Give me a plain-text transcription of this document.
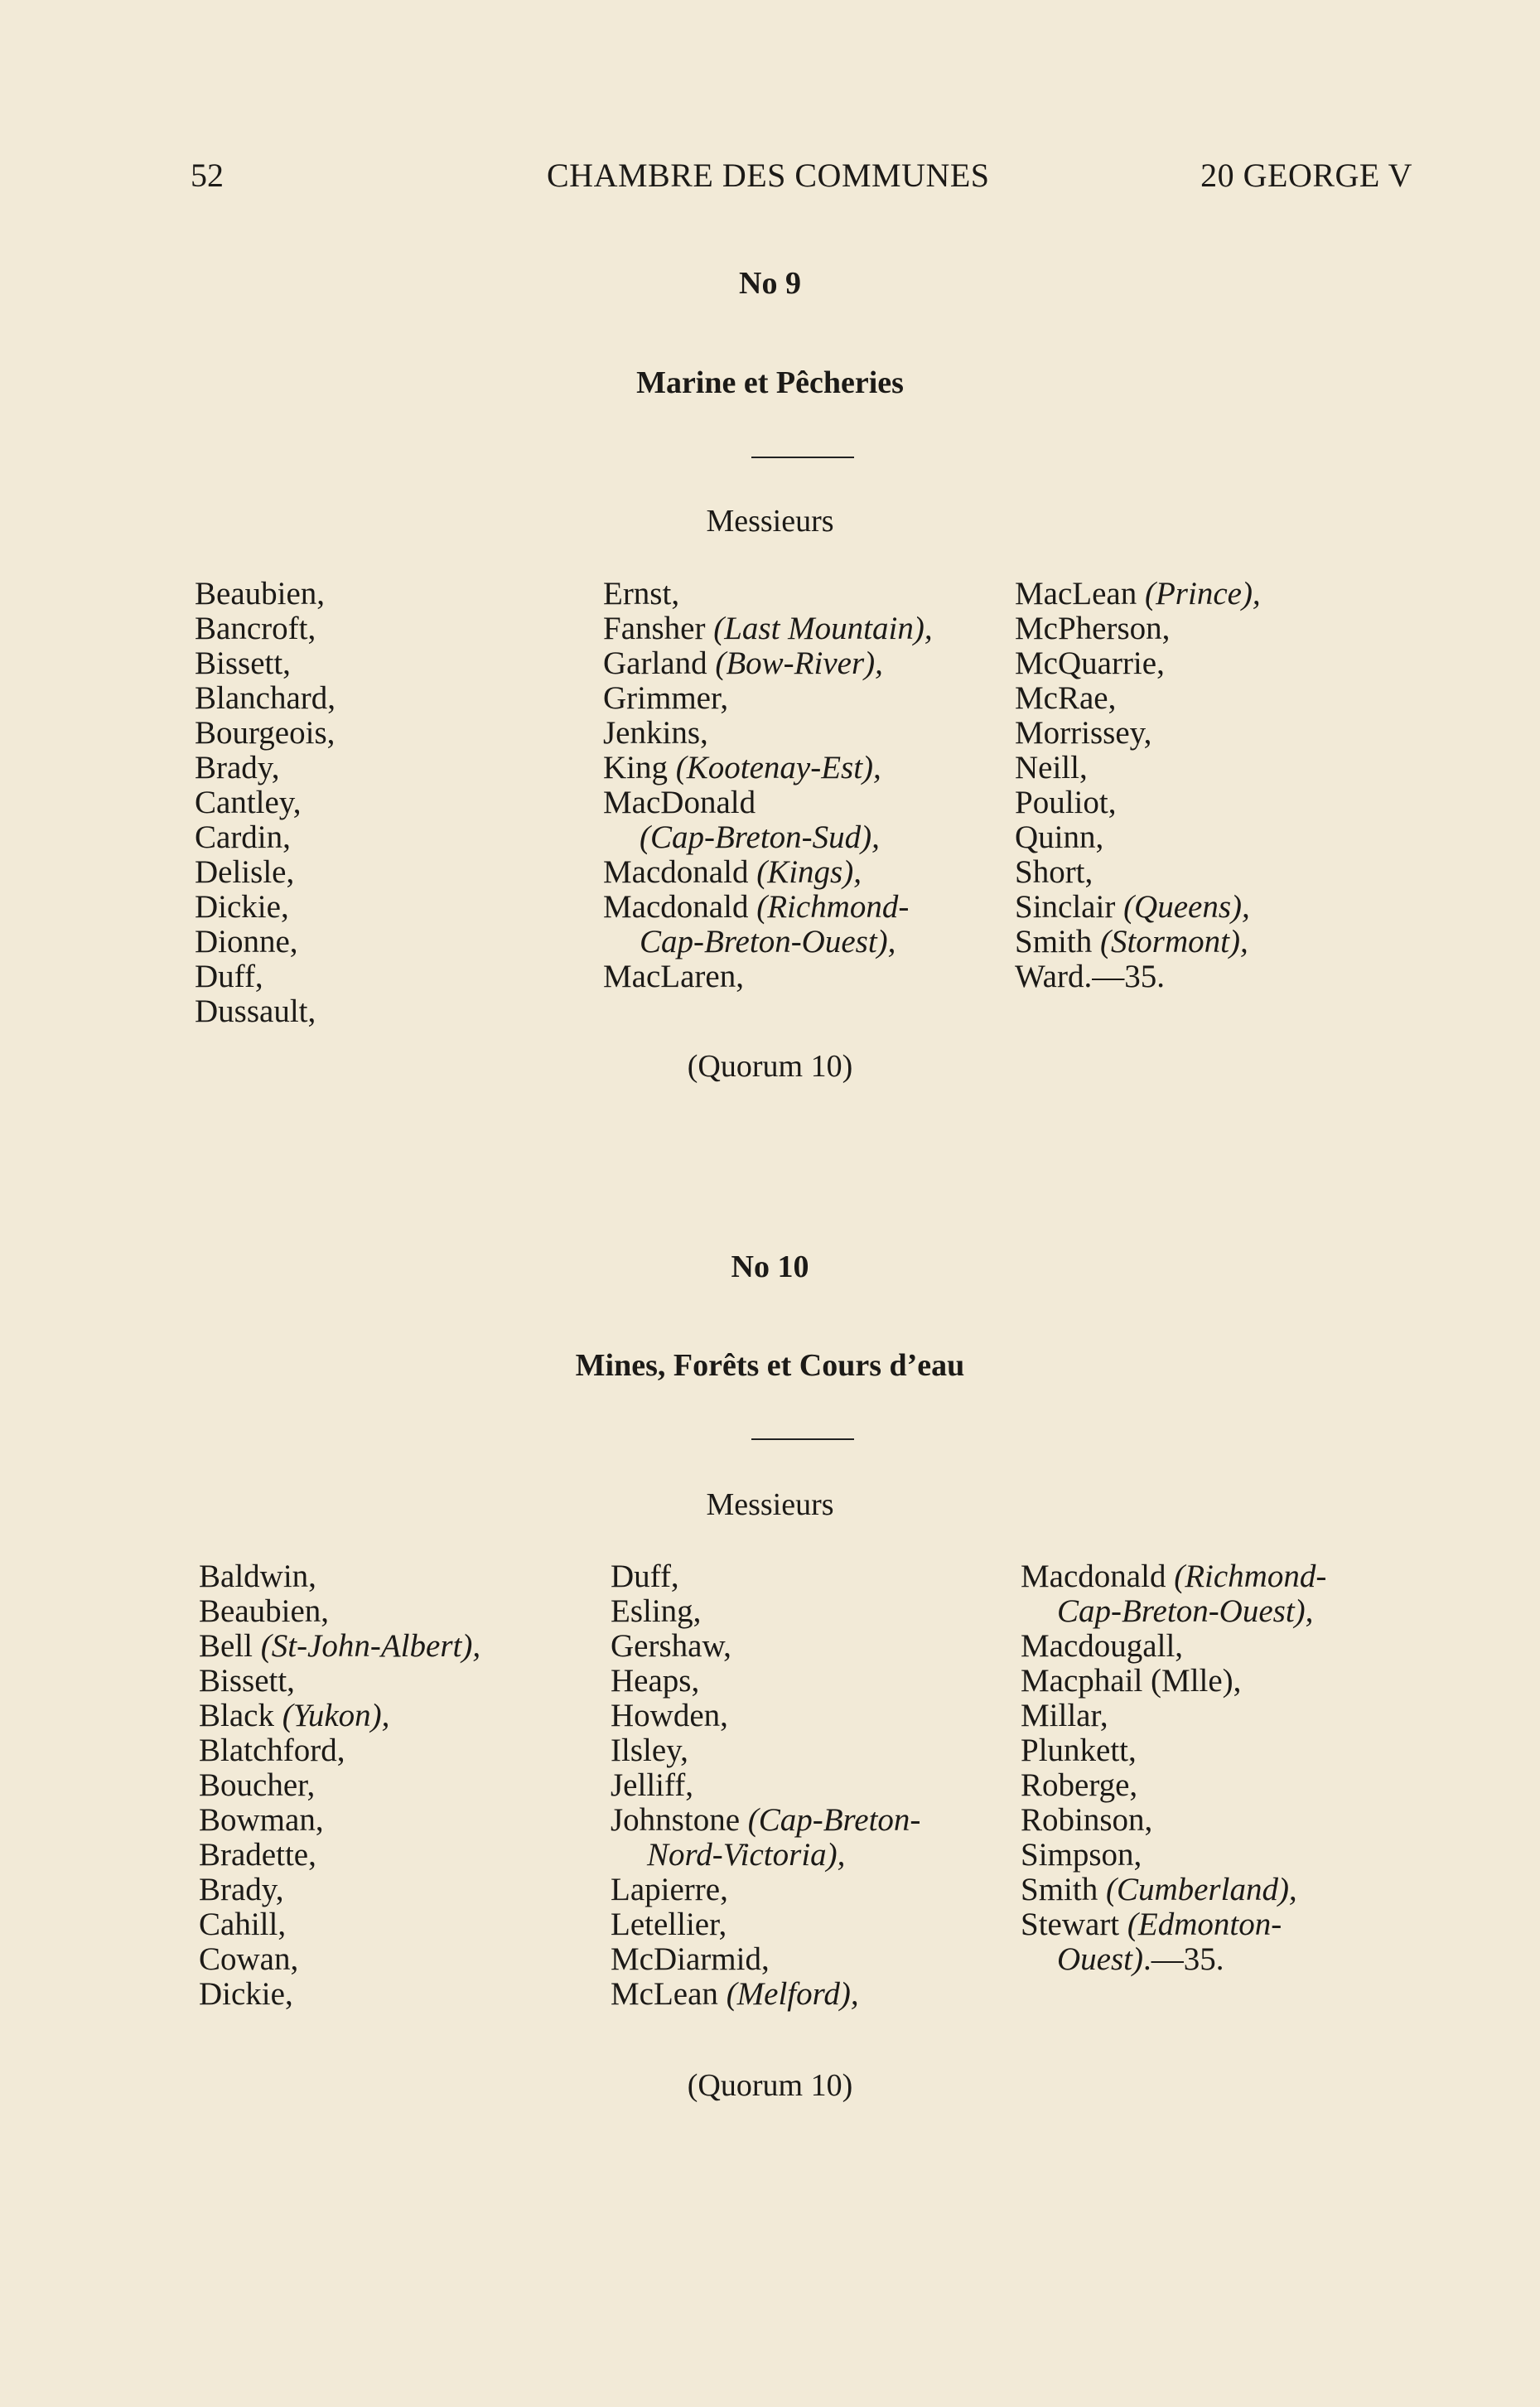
52	CHAMBRE DES COMMUNES	20 GEORGE V
No 9
Marine et Pêcheries
Messieurs
Beaubien,
Bancroft,
Bissett,
Blanchard,
Bourgeois,
Brady,
Cantley,
Cardin,
Delisle,
Dickie,
Dionne,
Duff,
Dussault,
Ernst,
Fansher (Last Mountain),
Garland (Bow-River),
Grimmer,
Jenkins,
King (Kootenay-Est),
MacDonald
(Cap-Breton-Sud),
Macdonald (Kings),
Macdonald (Richmond-
Cap-Breton-Ouest),
MacLaren,
MacLean (Prince),
McPherson,
McQuarrie,
McRae,
Morrissey,
Neill,
Pouliot,
Quinn,
Short,
Sinclair (Queens),
Smith (Stormont),
Ward.—35.
(Quorum 10)
No 10
Mines, Forêts et Cours d’eau
Messieurs
Baldwin,
Beaubien,
Bell (St-John-Albert),
Bissett,
Black (Yukon),
Blatchford,
Boucher,
Bowman,
Bradette,
Brady,
Cahill,
Cowan,
Dickie,
Duff,
Esling,
Gershaw,
Heaps,
Howden,
Ilsley,
Jelliff,
Johnstone (Cap-Breton-
Nord-Victoria),
Lapierre,
Letellier,
McDiarmid,
McLean (Melford),
Macdonald (Richmond-
Cap-Breton-Ouest),
Macdougall,
Macphail (Mlle),
Millar,
Plunkett,
Roberge,
Robinson,
Simpson,
Smith (Cumberland),
Stewart (Edmonton-
Ouest).—35.
(Quorum 10)
